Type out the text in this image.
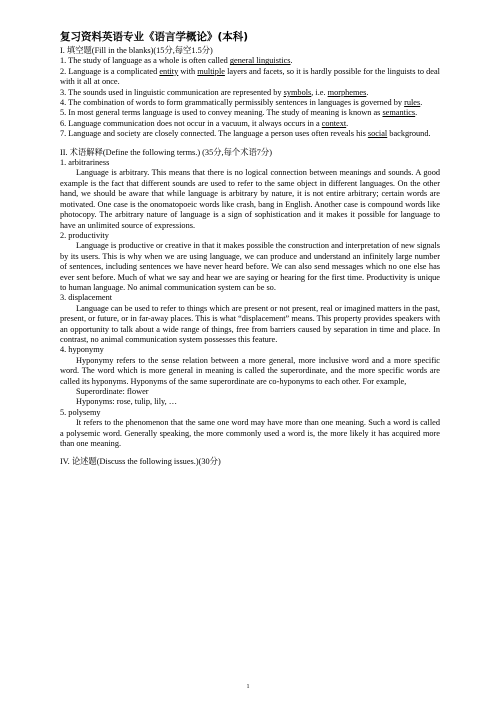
复习资料英语专业《语言学概论》(本科)
I. 填空题(Fill in the blanks)(15分,每空1.5分)
1. The study of language as a whole is often called general linguistics.
2. Language is a complicated entity with multiple layers and facets, so it is hardly possible for the linguists to deal with it all at once.
3. The sounds used in linguistic communication are represented by symbols, i.e. morphemes.
4. The combination of words to form grammatically permissibly sentences in languages is governed by rules.
5. In most general terms language is used to convey meaning. The study of meaning is known as semantics.
6. Language communication does not occur in a vacuum, it always occurs in a context.
7. Language and society are closely connected. The language a person uses often reveals his social background.
II. 术语解释(Define the following terms.) (35分,每个术语7分)
1. arbitrariness
Language is arbitrary. This means that there is no logical connection between meanings and sounds. A good example is the fact that different sounds are used to refer to the same object in different languages. On the other hand, we should be aware that while language is arbitrary by nature, it is not entire arbitrary; certain words are motivated. One case is the onomatopoeic words like crash, bang in English. Another case is compound words like photocopy. The arbitrary nature of language is a sign of sophistication and it makes it possible for language to have an unlimited source of expressions.
2. productivity
Language is productive or creative in that it makes possible the construction and interpretation of new signals by its users. This is why when we are using language, we can produce and understand an infinitely large number of sentences, including sentences we have never heard before. We can also send messages which no one else has ever sent before. Much of what we say and hear we are saying or hearing for the first time. Productivity is unique to human language. No animal communication system can be so.
3. displacement
Language can be used to refer to things which are present or not present, real or imagined matters in the past, present, or future, or in far-away places. This is what “displacement” means. This property provides speakers with an opportunity to talk about a wide range of things, free from barriers caused by separation in time and place. In contrast, no animal communication system possesses this feature.
4. hyponymy
Hyponymy refers to the sense relation between a more general, more inclusive word and a more specific word. The word which is more general in meaning is called the superordinate, and the more specific words are called its hyponyms. Hyponyms of the same superordinate are co-hyponyms to each other. For example,
Superordinate: flower
Hyponyms: rose, tulip, lily, …
5. polysemy
It refers to the phenomenon that the same one word may have more than one meaning. Such a word is called a polysemic word. Generally speaking, the more commonly used a word is, the more likely it has acquired more than one meaning.
IV. 论述题(Discuss the following issues.)(30分)
1
